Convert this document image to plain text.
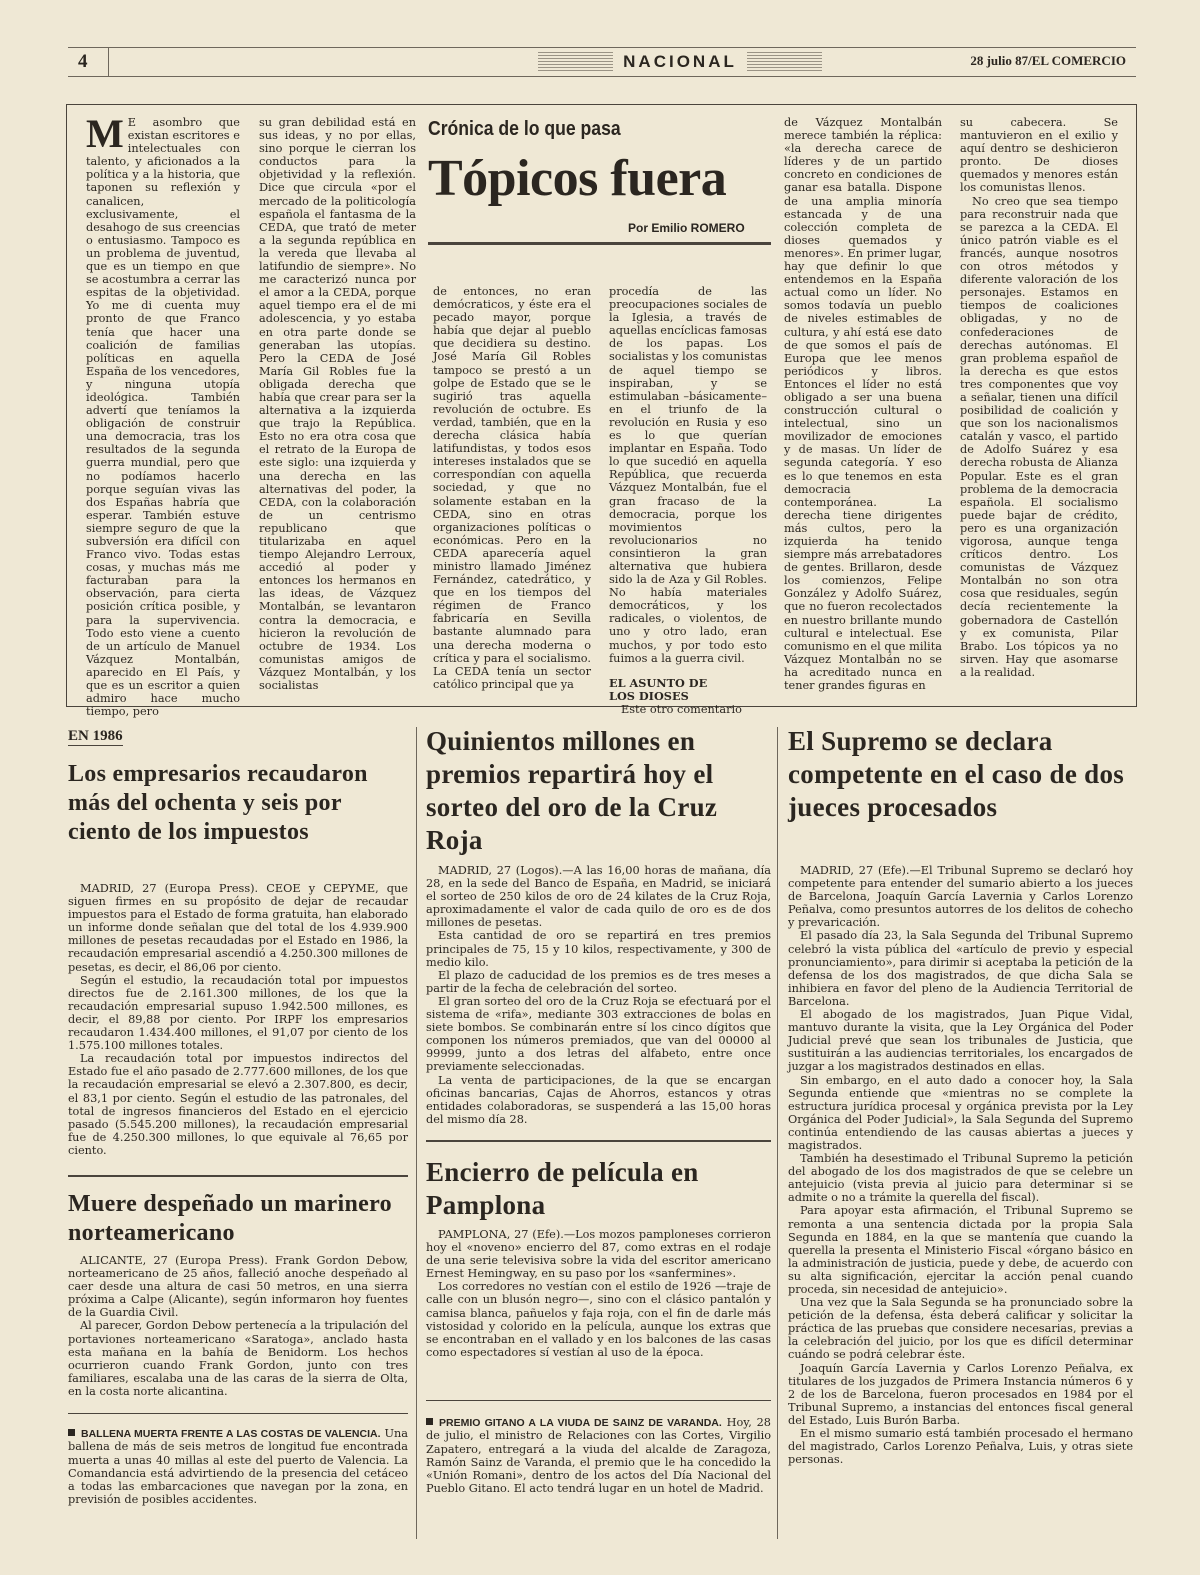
4	NACIONAL	28 julio 87/EL COMERCIO
M E asombro que existan escritores e intelectuales con talento, y aficionados a la política y a la historia, que taponen su reflexión y canalicen, exclusivamente, el desahogo de sus creencias o entusiasmo. Tampoco es un problema de juventud, que es un tiempo en que se acostumbra a cerrar las espitas de la objetividad. Yo me di cuenta muy pronto de que Franco tenía que hacer una coalición de familias políticas en aquella España de los vencedores, y ninguna utopía ideológica. También advertí que teníamos la obligación de construir una democracia, tras los resultados de la segunda guerra mundial, pero que no podíamos hacerlo porque seguían vivas las dos Españas habría que esperar. También estuve siempre seguro de que la subversión era difícil con Franco vivo. Todas estas cosas, y muchas más me facturaban para la observación, para cierta posición crítica posible, y para la supervivencia. Todo esto viene a cuento de un artículo de Manuel Vázquez Montalbán, aparecido en El País, y que es un escritor a quien admiro hace mucho tiempo, pero
su gran debilidad está en sus ideas, y no por ellas, sino porque le cierran los conductos para la objetividad y la reflexión. Dice que circula «por el mercado de la politicología española el fantasma de la CEDA, que trató de meter a la segunda república en la vereda que llevaba al latifundio de siempre». No me caracterizó nunca por el amor a la CEDA, porque aquel tiempo era el de mi adolescencia, y yo estaba en otra parte donde se generaban las utopías. Pero la CEDA de José María Gil Robles fue la obligada derecha que había que crear para ser la alternativa a la izquierda que trajo la República. Esto no era otra cosa que el retrato de la Europa de este siglo: una izquierda y una derecha en las alternativas del poder, la CEDA, con la colaboración de un centrismo republicano que titularizaba en aquel tiempo Alejandro Lerroux, accedió al poder y entonces los hermanos en las ideas, de Vázquez Montalbán, se levantaron contra la democracia, e hicieron la revolución de octubre de 1934. Los comunistas amigos de Vázquez Montalbán, y los socialistas
Crónica de lo que pasa
Tópicos fuera
Por Emilio ROMERO
de entonces, no eran demócraticos, y éste era el pecado mayor, porque había que dejar al pueblo que decidiera su destino. José María Gil Robles tampoco se prestó a un golpe de Estado que se le sugirió tras aquella revolución de octubre. Es verdad, también, que en la derecha clásica había latifundistas, y todos esos intereses instalados que se correspondían con aquella sociedad, y que no solamente estaban en la CEDA, sino en otras organizaciones políticas o económicas. Pero en la CEDA aparecería aquel ministro llamado Jiménez Fernández, catedrático, y que en los tiempos del régimen de Franco fabricaría en Sevilla bastante alumnado para una derecha moderna o crítica y para el socialismo. La CEDA tenía un sector católico principal que ya
procedía de las preocupaciones sociales de la Iglesia, a través de aquellas encíclicas famosas de los papas. Los socialistas y los comunistas de aquel tiempo se inspiraban, y se estimulaban –básicamente– en el triunfo de la revolución en Rusia y eso es lo que querían implantar en España. Todo lo que sucedió en aquella República, que recuerda Vázquez Montalbán, fue el gran fracaso de la democracia, porque los movimientos revolucionarios no consintieron la gran alternativa que hubiera sido la de Aza y Gil Robles. No había materiales democráticos, y los radicales, o violentos, de uno y otro lado, eran muchos, y por todo esto fuimos a la guerra civil.
EL ASUNTO DE LOS DIOSES

Este otro comentario

de Vázquez Montalbán merece también la réplica: «la derecha carece de líderes y de un partido concreto en condiciones de ganar esa batalla. Dispone de una amplia minoría estancada y de una colección completa de dioses quemados y menores». En primer lugar, hay que definir lo que entendemos en la España actual como un líder. No somos todavía un pueblo de niveles estimables de cultura, y ahí está ese dato de que somos el país de Europa que lee menos periódicos y libros. Entonces el líder no está obligado a ser una buena construcción cultural o intelectual, sino un movilizador de emociones y de masas. Un líder de segunda categoría. Y eso es lo que tenemos en esta democracia contemporánea. La derecha tiene dirigentes más cultos, pero la izquierda ha tenido siempre más arrebatadores de gentes. Brillaron, desde los comienzos, Felipe González y Adolfo Suárez, que no fueron recolectados en nuestro brillante mundo cultural e intelectual. Ese comunismo en el que milita Vázquez Montalbán no se ha acreditado nunca en tener grandes figuras en
su cabecera. Se mantuvieron en el exilio y aquí dentro se deshicieron pronto. De dioses quemados y menores están los comunistas llenos.

No creo que sea tiempo para reconstruir nada que se parezca a la CEDA. El único patrón viable es el francés, aunque nosotros con otros métodos y diferente valoración de los personajes. Estamos en tiempos de coaliciones obligadas, y no de confederaciones de derechas autónomas. El gran problema español de la derecha es que estos tres componentes que voy a señalar, tienen una difícil posibilidad de coalición y que son los nacionalismos catalán y vasco, el partido de Adolfo Suárez y esa derecha robusta de Alianza Popular. Este es el gran problema de la democracia española. El socialismo puede bajar de crédito, pero es una organización vigorosa, aunque tenga críticos dentro. Los comunistas de Vázquez Montalbán no son otra cosa que residuales, según decía recientemente la gobernadora de Castellón y ex comunista, Pilar Brabo. Los tópicos ya no sirven. Hay que asomarse a la realidad.

EN 1986
Los empresarios recaudaron más del ochenta y seis por ciento de los impuestos

MADRID, 27 (Europa Press). CEOE y CEPYME, que siguen firmes en su propósito de dejar de recaudar impuestos para el Estado de forma gratuita, han elaborado un informe donde señalan que del total de los 4.939.900 millones de pesetas recaudadas por el Estado en 1986, la recaudación empresarial ascendió a 4.250.300 millones de pesetas, es decir, el 86,06 por ciento.

Según el estudio, la recaudación total por impuestos directos fue de 2.161.300 millones, de los que la recaudación empresarial supuso 1.942.500 millones, es decir, el 89,88 por ciento. Por IRPF los empresarios recaudaron 1.434.400 millones, el 91,07 por ciento de los 1.575.100 millones totales.

La recaudación total por impuestos indirectos del Estado fue el año pasado de 2.777.600 millones, de los que la recaudación empresarial se elevó a 2.307.800, es decir, el 83,1 por ciento. Según el estudio de las patronales, del total de ingresos financieros del Estado en el ejercicio pasado (5.545.200 millones), la recaudación empresarial fue de 4.250.300 millones, lo que equivale al 76,65 por ciento.

Muere despeñado un marinero norteamericano

ALICANTE, 27 (Europa Press). Frank Gordon Debow, norteamericano de 25 años, falleció anoche despeñado al caer desde una altura de casi 50 metros, en una sierra próxima a Calpe (Alicante), según informaron hoy fuentes de la Guardia Civil.

Al parecer, Gordon Debow pertenecía a la tripulación del portaviones norteamericano «Saratoga», anclado hasta esta mañana en la bahía de Benidorm. Los hechos ocurrieron cuando Frank Gordon, junto con tres familiares, escalaba una de las caras de la sierra de Olta, en la costa norte alicantina.

BALLENA MUERTA FRENTE A LAS COSTAS DE VALENCIA. Una ballena de más de seis metros de longitud fue encontrada muerta a unas 40 millas al este del puerto de Valencia. La Comandancia está advirtiendo de la presencia del cetáceo a todas las embarcaciones que navegan por la zona, en previsión de posibles accidentes.
Quinientos millones en premios repartirá hoy el sorteo del oro de la Cruz Roja

MADRID, 27 (Logos).—A las 16,00 horas de mañana, día 28, en la sede del Banco de España, en Madrid, se iniciará el sorteo de 250 kilos de oro de 24 kilates de la Cruz Roja, aproximadamente el valor de cada quilo de oro es de dos millones de pesetas.

Esta cantidad de oro se repartirá en tres premios principales de 75, 15 y 10 kilos, respectivamente, y 300 de medio kilo.

El plazo de caducidad de los premios es de tres meses a partir de la fecha de celebración del sorteo.

El gran sorteo del oro de la Cruz Roja se efectuará por el sistema de «rifa», mediante 303 extracciones de bolas en siete bombos. Se combinarán entre sí los cinco dígitos que componen los números premiados, que van del 00000 al 99999, junto a dos letras del alfabeto, entre once previamente seleccionadas.

La venta de participaciones, de la que se encargan oficinas bancarias, Cajas de Ahorros, estancos y otras entidades colaboradoras, se suspenderá a las 15,00 horas del mismo día 28.

Encierro de película en Pamplona

PAMPLONA, 27 (Efe).—Los mozos pamploneses corrieron hoy el «noveno» encierro del 87, como extras en el rodaje de una serie televisiva sobre la vida del escritor americano Ernest Hemingway, en su paso por los «sanfermines».

Los corredores no vestían con el estilo de 1926 —traje de calle con un blusón negro—, sino con el clásico pantalón y camisa blanca, pañuelos y faja roja, con el fin de darle más vistosidad y colorido en la película, aunque los extras que se encontraban en el vallado y en los balcones de las casas como espectadores sí vestían al uso de la época.

PREMIO GITANO A LA VIUDA DE SAINZ DE VARANDA. Hoy, 28 de julio, el ministro de Relaciones con las Cortes, Virgilio Zapatero, entregará a la viuda del alcalde de Zaragoza, Ramón Sainz de Varanda, el premio que le ha concedido la «Unión Romani», dentro de los actos del Día Nacional del Pueblo Gitano. El acto tendrá lugar en un hotel de Madrid.
El Supremo se declara competente en el caso de dos jueces procesados

MADRID, 27 (Efe).—El Tribunal Supremo se declaró hoy competente para entender del sumario abierto a los jueces de Barcelona, Joaquín García Lavernia y Carlos Lorenzo Peñalva, como presuntos autorres de los delitos de cohecho y prevaricación.

El pasado día 23, la Sala Segunda del Tribunal Supremo celebró la vista pública del «artículo de previo y especial pronunciamiento», para dirimir si aceptaba la petición de la defensa de los dos magistrados, de que dicha Sala se inhibiera en favor del pleno de la Audiencia Territorial de Barcelona.

El abogado de los magistrados, Juan Pique Vidal, mantuvo durante la visita, que la Ley Orgánica del Poder Judicial prevé que sean los tribunales de Justicia, que sustituirán a las audiencias territoriales, los encargados de juzgar a los magistrados destinados en ellas.

Sin embargo, en el auto dado a conocer hoy, la Sala Segunda entiende que «mientras no se complete la estructura jurídica procesal y orgánica prevista por la Ley Orgánica del Poder Judicial», la Sala Segunda del Supremo continúa entendiendo de las causas abiertas a jueces y magistrados.

También ha desestimado el Tribunal Supremo la petición del abogado de los dos magistrados de que se celebre un antejuicio (vista previa al juicio para determinar si se admite o no a trámite la querella del fiscal).

Para apoyar esta afirmación, el Tribunal Supremo se remonta a una sentencia dictada por la propia Sala Segunda en 1884, en la que se mantenía que cuando la querella la presenta el Ministerio Fiscal «órgano básico en la administración de justicia, puede y debe, de acuerdo con su alta significación, ejercitar la acción penal cuando proceda, sin necesidad de antejuicio».

Una vez que la Sala Segunda se ha pronunciado sobre la petición de la defensa, ésta deberá calificar y solicitar la práctica de las pruebas que considere necesarias, previas a la celebración del juicio, por los que es difícil determinar cuándo se podrá celebrar éste.

Joaquín García Lavernia y Carlos Lorenzo Peñalva, ex titulares de los juzgados de Primera Instancia números 6 y 2 de los de Barcelona, fueron procesados en 1984 por el Tribunal Supremo, a instancias del entonces fiscal general del Estado, Luis Burón Barba.

En el mismo sumario está también procesado el hermano del magistrado, Carlos Lorenzo Peñalva, Luis, y otras siete personas.
